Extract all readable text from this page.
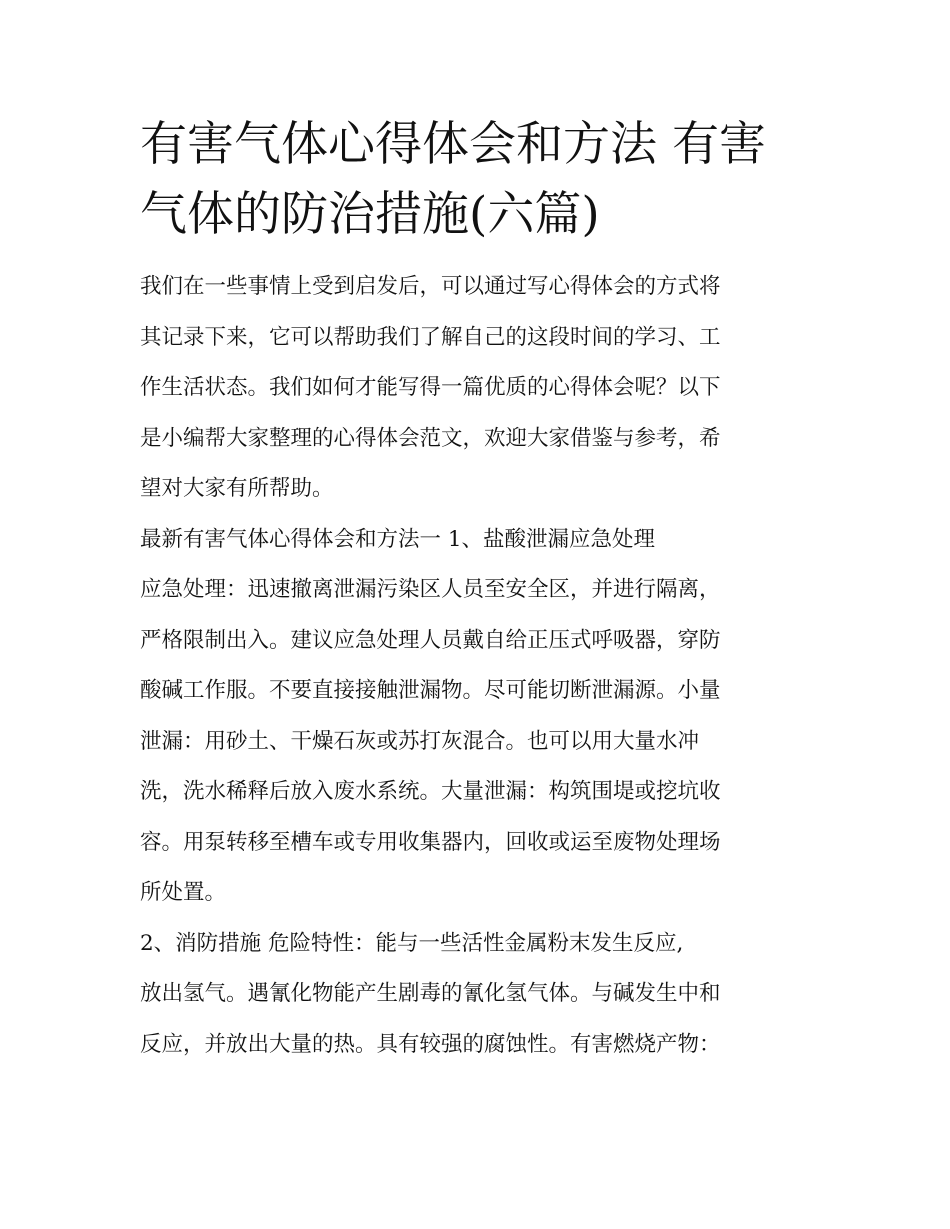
有害气体心得体会和方法 有害
气体的防治措施(六篇)

我们在一些事情上受到启发后，可以通过写心得体会的方式将
其记录下来，它可以帮助我们了解自己的这段时间的学习、工
作生活状态。我们如何才能写得一篇优质的心得体会呢？以下
是小编帮大家整理的心得体会范文，欢迎大家借鉴与参考，希
望对大家有所帮助。

最新有害气体心得体会和方法一 1、盐酸泄漏应急处理

应急处理：迅速撤离泄漏污染区人员至安全区，并进行隔离，
严格限制出入。建议应急处理人员戴自给正压式呼吸器，穿防
酸碱工作服。不要直接接触泄漏物。尽可能切断泄漏源。小量
泄漏：用砂土、干燥石灰或苏打灰混合。也可以用大量水冲
洗，洗水稀释后放入废水系统。大量泄漏：构筑围堤或挖坑收
容。用泵转移至槽车或专用收集器内，回收或运至废物处理场
所处置。

2、消防措施 危险特性：能与一些活性金属粉末发生反应,

放出氢气。遇氰化物能产生剧毒的氰化氢气体。与碱发生中和
反应，并放出大量的热。具有较强的腐蚀性。有害燃烧产物：
